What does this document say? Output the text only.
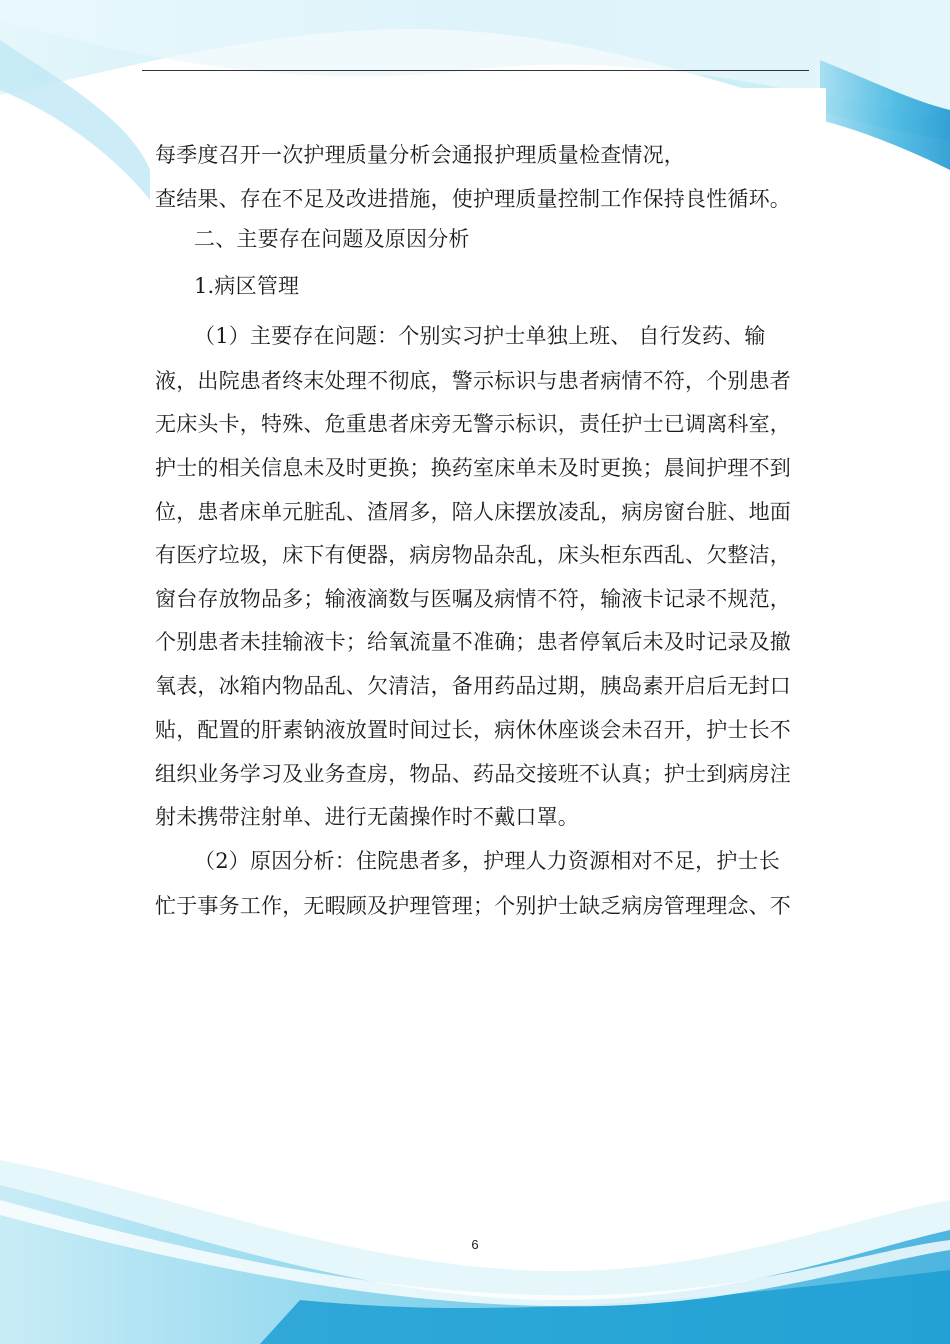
每季度召开一次护理质量分析会通报护理质量检查情况，
查结果、存在不足及改进措施，使护理质量控制工作保持良性循环。
二、主要存在问题及原因分析
1.病区管理
（1）主要存在问题：个别实习护士单独上班、 自行发药、输
液，出院患者终末处理不彻底，警示标识与患者病情不符，个别患者
无床头卡，特殊、危重患者床旁无警示标识，责任护士已调离科室，
护士的相关信息未及时更换；换药室床单未及时更换；晨间护理不到
位，患者床单元脏乱、渣屑多，陪人床摆放凌乱，病房窗台脏、地面
有医疗垃圾，床下有便器，病房物品杂乱，床头柜东西乱、欠整洁，
窗台存放物品多；输液滴数与医嘱及病情不符，输液卡记录不规范，
个别患者未挂输液卡；给氧流量不准确；患者停氧后未及时记录及撤
氧表，冰箱内物品乱、欠清洁，备用药品过期，胰岛素开启后无封口
贴，配置的肝素钠液放置时间过长，病休休座谈会未召开，护士长不
组织业务学习及业务查房，物品、药品交接班不认真；护士到病房注
射未携带注射单、进行无菌操作时不戴口罩。
（2）原因分析：住院患者多，护理人力资源相对不足，护士长
忙于事务工作，无暇顾及护理管理；个别护士缺乏病房管理理念、不
6
